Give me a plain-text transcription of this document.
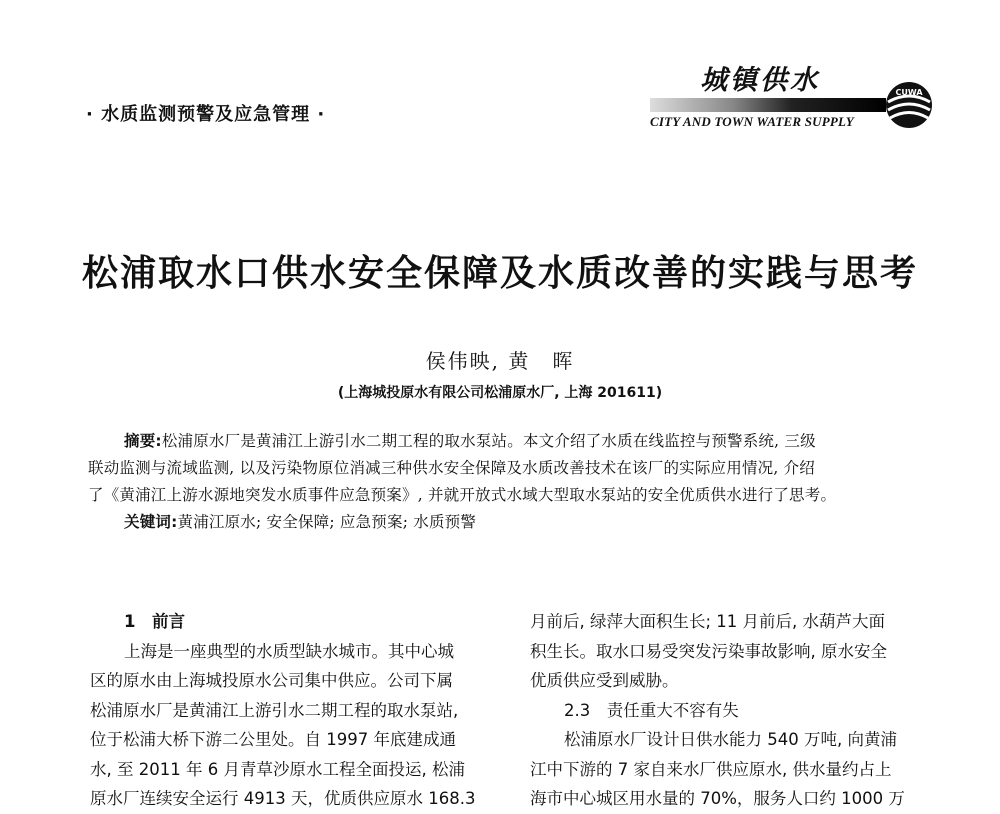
· 水质监测预警及应急管理 ·
城镇供水
CITY AND TOWN WATER SUPPLY
CUWA
松浦取水口供水安全保障及水质改善的实践与思考
侯伟映, 黄　晖
(上海城投原水有限公司松浦原水厂, 上海 201611)
摘要:松浦原水厂是黄浦江上游引水二期工程的取水泵站。本文介绍了水质在线监控与预警系统, 三级
联动监测与流域监测, 以及污染物原位消减三种供水安全保障及水质改善技术在该厂的实际应用情况, 介绍
了《黄浦江上游水源地突发水质事件应急预案》, 并就开放式水域大型取水泵站的安全优质供水进行了思考。
关键词:黄浦江原水; 安全保障; 应急预案; 水质预警
1　前言
上海是一座典型的水质型缺水城市。其中心城
区的原水由上海城投原水公司集中供应。公司下属
松浦原水厂是黄浦江上游引水二期工程的取水泵站,
位于松浦大桥下游二公里处。自 1997 年底建成通
水, 至 2011 年 6 月青草沙原水工程全面投运, 松浦
原水厂连续安全运行 4913 天，优质供应原水 168.3
月前后, 绿萍大面积生长; 11 月前后, 水葫芦大面
积生长。取水口易受突发污染事故影响, 原水安全
优质供应受到威胁。
2.3　责任重大不容有失
松浦原水厂设计日供水能力 540 万吨, 向黄浦
江中下游的 7 家自来水厂供应原水, 供水量约占上
海市中心城区用水量的 70%，服务人口约 1000 万
